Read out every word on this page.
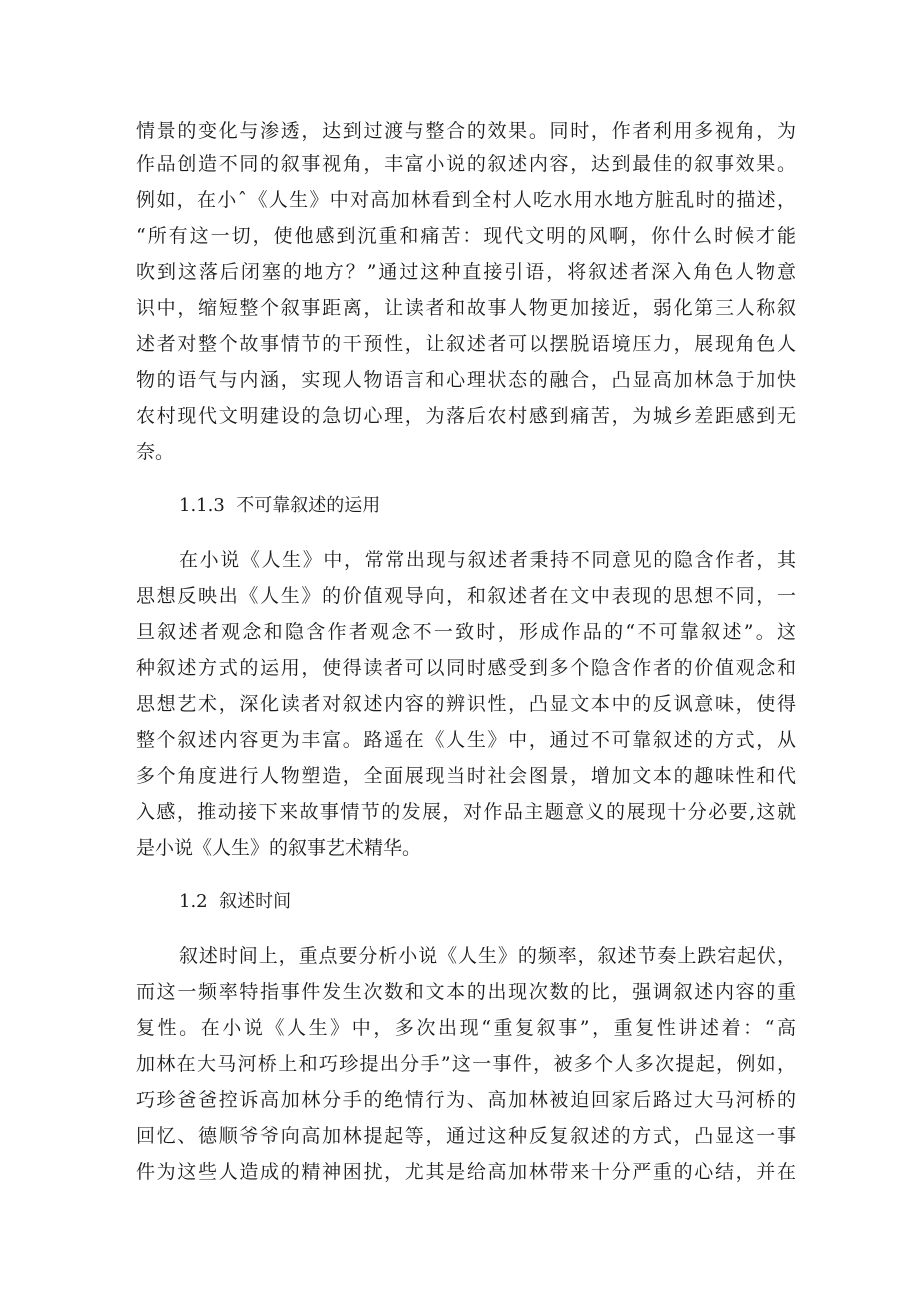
情景的变化与渗透，达到过渡与整合的效果。同时，作者利用多视角，为
作品创造不同的叙事视角，丰富小说的叙述内容，达到最佳的叙事效果。
例如，在小ˆ《人生》中对高加林看到全村人吃水用水地方脏乱时的描述，
“所有这一切，使他感到沉重和痛苦：现代文明的风啊，你什么时候才能
吹到这落后闭塞的地方？”通过这种直接引语，将叙述者深入角色人物意
识中，缩短整个叙事距离，让读者和故事人物更加接近，弱化第三人称叙
述者对整个故事情节的干预性，让叙述者可以摆脱语境压力，展现角色人
物的语气与内涵，实现人物语言和心理状态的融合，凸显高加林急于加快
农村现代文明建设的急切心理，为落后农村感到痛苦，为城乡差距感到无
奈。
1.1.3 不可靠叙述的运用
在小说《人生》中，常常出现与叙述者秉持不同意见的隐含作者，其
思想反映出《人生》的价值观导向，和叙述者在文中表现的思想不同，一
旦叙述者观念和隐含作者观念不一致时，形成作品的“不可靠叙述”。这
种叙述方式的运用，使得读者可以同时感受到多个隐含作者的价值观念和
思想艺术，深化读者对叙述内容的辨识性，凸显文本中的反讽意味，使得
整个叙述内容更为丰富。路遥在《人生》中，通过不可靠叙述的方式，从
多个角度进行人物塑造，全面展现当时社会图景，增加文本的趣味性和代
入感，推动接下来故事情节的发展，对作品主题意义的展现十分必要,这就
是小说《人生》的叙事艺术精华。
1.2 叙述时间
叙述时间上，重点要分析小说《人生》的频率，叙述节奏上跌宕起伏，
而这一频率特指事件发生次数和文本的出现次数的比，强调叙述内容的重
复性。在小说《人生》中，多次出现“重复叙事”，重复性讲述着：“高
加林在大马河桥上和巧珍提出分手”这一事件，被多个人多次提起，例如，
巧珍爸爸控诉高加林分手的绝情行为、高加林被迫回家后路过大马河桥的
回忆、德顺爷爷向高加林提起等，通过这种反复叙述的方式，凸显这一事
件为这些人造成的精神困扰，尤其是给高加林带来十分严重的心结，并在
